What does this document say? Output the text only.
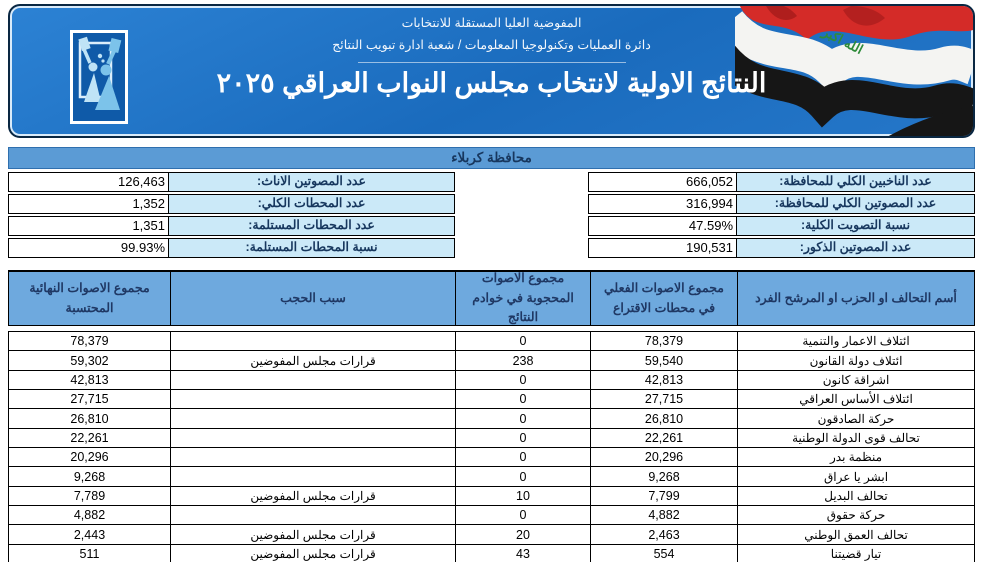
الله اكبر
المفوضية العليا المستقلة للانتخابات
دائرة العمليات وتكنولوجيا المعلومات / شعبة ادارة تبويب النتائج
النتائج الاولية لانتخاب مجلس النواب العراقي ٢٠٢٥
محافظة كربلاء
عدد الناخبين الكلي للمحافظة:
666,052
عدد المصوتين الكلي للمحافظة:
316,994
نسبة التصويت الكلية:
47.59%
عدد المصوتين الذكور:
190,531
عدد المصوتين الاناث:
126,463
عدد المحطات الكلي:
1,352
عدد المحطات المستلمة:
1,351
نسبة المحطات المستلمة:
99.93%
أسم التحالف او الحزب او المرشح الفرد
مجموع الاصوات الفعلي في محطات الاقتراع
مجموع الاصوات المحجوبة في خوادم النتائج
سبب الحجب
مجموع الاصوات النهائية المحتسبة
ائتلاف الاعمار والتنمية
78,379
0
78,379
ائتلاف دولة القانون
59,540
238
قرارات مجلس المفوضين
59,302
اشراقة كانون
42,813
0
42,813
ائتلاف الأساس العراقي
27,715
0
27,715
حركة الصادقون
26,810
0
26,810
تحالف قوى الدولة الوطنية
22,261
0
22,261
منظمة بدر
20,296
0
20,296
ابشر يا عراق
9,268
0
9,268
تحالف البديل
7,799
10
قرارات مجلس المفوضين
7,789
حركة حقوق
4,882
0
4,882
تحالف العمق الوطني
2,463
20
قرارات مجلس المفوضين
2,443
تيار قضيتنا
554
43
قرارات مجلس المفوضين
511
